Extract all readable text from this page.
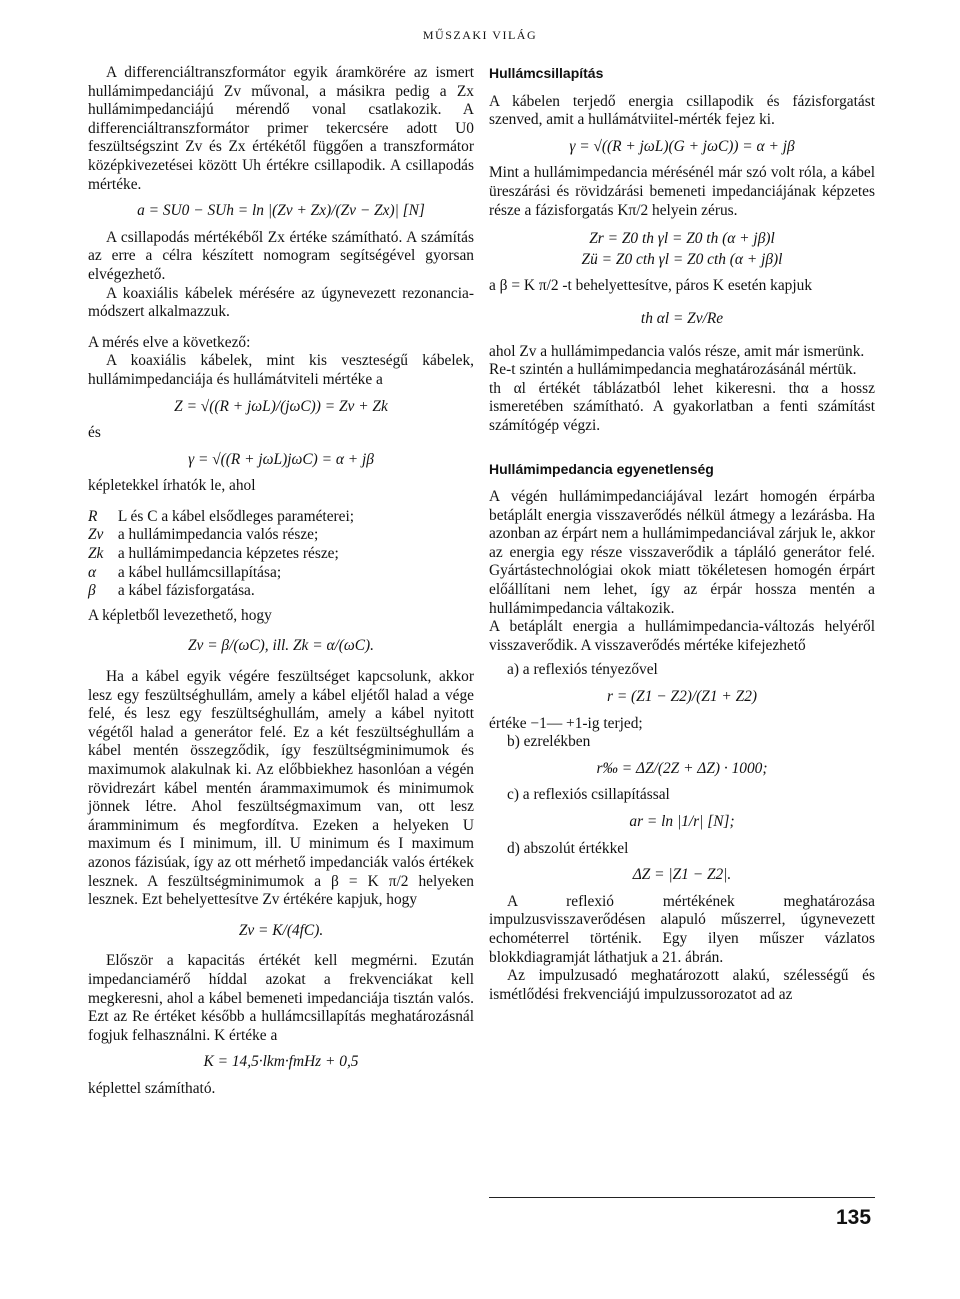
MŰSZAKI VILÁG

A differenciáltranszformátor egyik áramkörére az ismert hullámimpedanciájú Zv művonal, a másikra pedig a Zx hullámimpedanciájú mérendő vonal csatlakozik. A differenciáltranszformátor primer tekercsére adott U0 feszültségszint Zv és Zx értékétől függően a transzformátor középkivezetései között Uh értékre csillapodik. A csillapodás mértéke.

a = SU0 − SUh = ln |(Zv + Zx)/(Zv − Zx)| [N]

A csillapodás mértékéből Zx értéke számítható. A számítás az erre a célra készített nomogram segítségével gyorsan elvégezhető.

A koaxiális kábelek mérésére az úgynevezett rezonancia-módszert alkalmazzuk.

A mérés elve a következő:

A koaxiális kábelek, mint kis veszteségű kábelek, hullámimpedanciája és hullámátviteli mértéke a

Z = √((R + jωL)/(jωC)) = Zv + Zk

és

γ = √((R + jωL)jωC) = α + jβ

képletekkel írhatók le, ahol

R L és C a kábel elsődleges paraméterei;

Zv a hullámimpedancia valós része;

Zk a hullámimpedancia képzetes része;

α a kábel hullámcsillapítása;

β a kábel fázisforgatása.

A képletből levezethető, hogy

Zv = β/(ωC), ill. Zk = α/(ωC).

Ha a kábel egyik végére feszültséget kapcsolunk, akkor lesz egy feszültséghullám, amely a kábel eljétől halad a vége felé, és lesz egy feszültséghullám, amely a kábel nyitott végétől halad a generátor felé. Ez a két feszültséghullám a kábel mentén összegződik, így feszültségminimumok és maximumok alakulnak ki. Az előbbiekhez hasonlóan a végén rövidrezárt kábel mentén árammaximumok és minimumok jönnek létre. Ahol feszültségmaximum van, ott lesz áramminimum és megfordítva. Ezeken a helyeken U maximum és I minimum, ill. U minimum és I maximum azonos fázisúak, így az ott mérhető impedanciák valós értékek lesznek. A feszültségminimumok a β = K π/2 helyeken lesznek. Ezt behelyettesítve Zv értékére kapjuk, hogy

Zv = K/(4fC).

Először a kapacitás értékét kell megmérni. Ezután impedanciamérő híddal azokat a frekvenciákat kell megkeresni, ahol a kábel bemeneti impedanciája tisztán valós. Ezt az Re értéket később a hullámcsillapítás meghatározásnál fogjuk felhasználni. K értéke a

K = 14,5·lkm·fmHz + 0,5

képlettel számítható.

Hullámcsillapítás

A kábelen terjedő energia csillapodik és fázisforgatást szenved, amit a hullámátviitel-mérték fejez ki.

γ = √((R + jωL)(G + jωC)) = α + jβ

Mint a hullámimpedancia mérésénél már szó volt róla, a kábel üreszárási és rövidzárási bemeneti impedanciájának képzetes része a fázisforgatás Kπ/2 helyein zérus.

Zr = Z0 th γl = Z0 th (α + jβ)l

Zü = Z0 cth γl = Z0 cth (α + jβ)l

a β = K π/2 -t behelyettesítve, páros K esetén kapjuk

th αl = Zv/Re

ahol Zv a hullámimpedancia valós része, amit már ismerünk.

Re-t szintén a hullámimpedancia meghatározásánál mértük.

th αl értékét táblázatból lehet kikeresni. thα a hossz ismeretében számítható. A gyakorlatban a fenti számítást számítógép végzi.

Hullámimpedancia egyenetlenség

A végén hullámimpedanciájával lezárt homogén érpárba betáplált energia visszaverődés nélkül átmegy a lezárásba. Ha azonban az érpárt nem a hullámimpedanciával zárjuk le, akkor az energia egy része visszaverődik a tápláló generátor felé. Gyártástechnológiai okok miatt tökéletesen homogén érpárt előállítani nem lehet, így az érpár hossza mentén a hullámimpedancia váltakozik.

A betáplált energia a hullámimpedancia-változás helyéről visszaverődik. A visszaverődés mértéke kifejezhető

a) a reflexiós tényezővel

r = (Z1 − Z2)/(Z1 + Z2)

értéke −1— +1-ig terjed;

b) ezrelékben

r‰ = ΔZ/(2Z + ΔZ) · 1000;

c) a reflexiós csillapítással

ar = ln |1/r| [N];

d) abszolút értékkel

ΔZ = |Z1 − Z2|.

A reflexió mértékének meghatározása impulzusvisszaverődésen alapuló műszerrel, úgynevezett echométerrel történik. Egy ilyen műszer vázlatos blokkdiagramját láthatjuk a 21. ábrán.

Az impulzusadó meghatározott alakú, szélességű és ismétlődési frekvenciájú impulzussorozatot ad az

135
